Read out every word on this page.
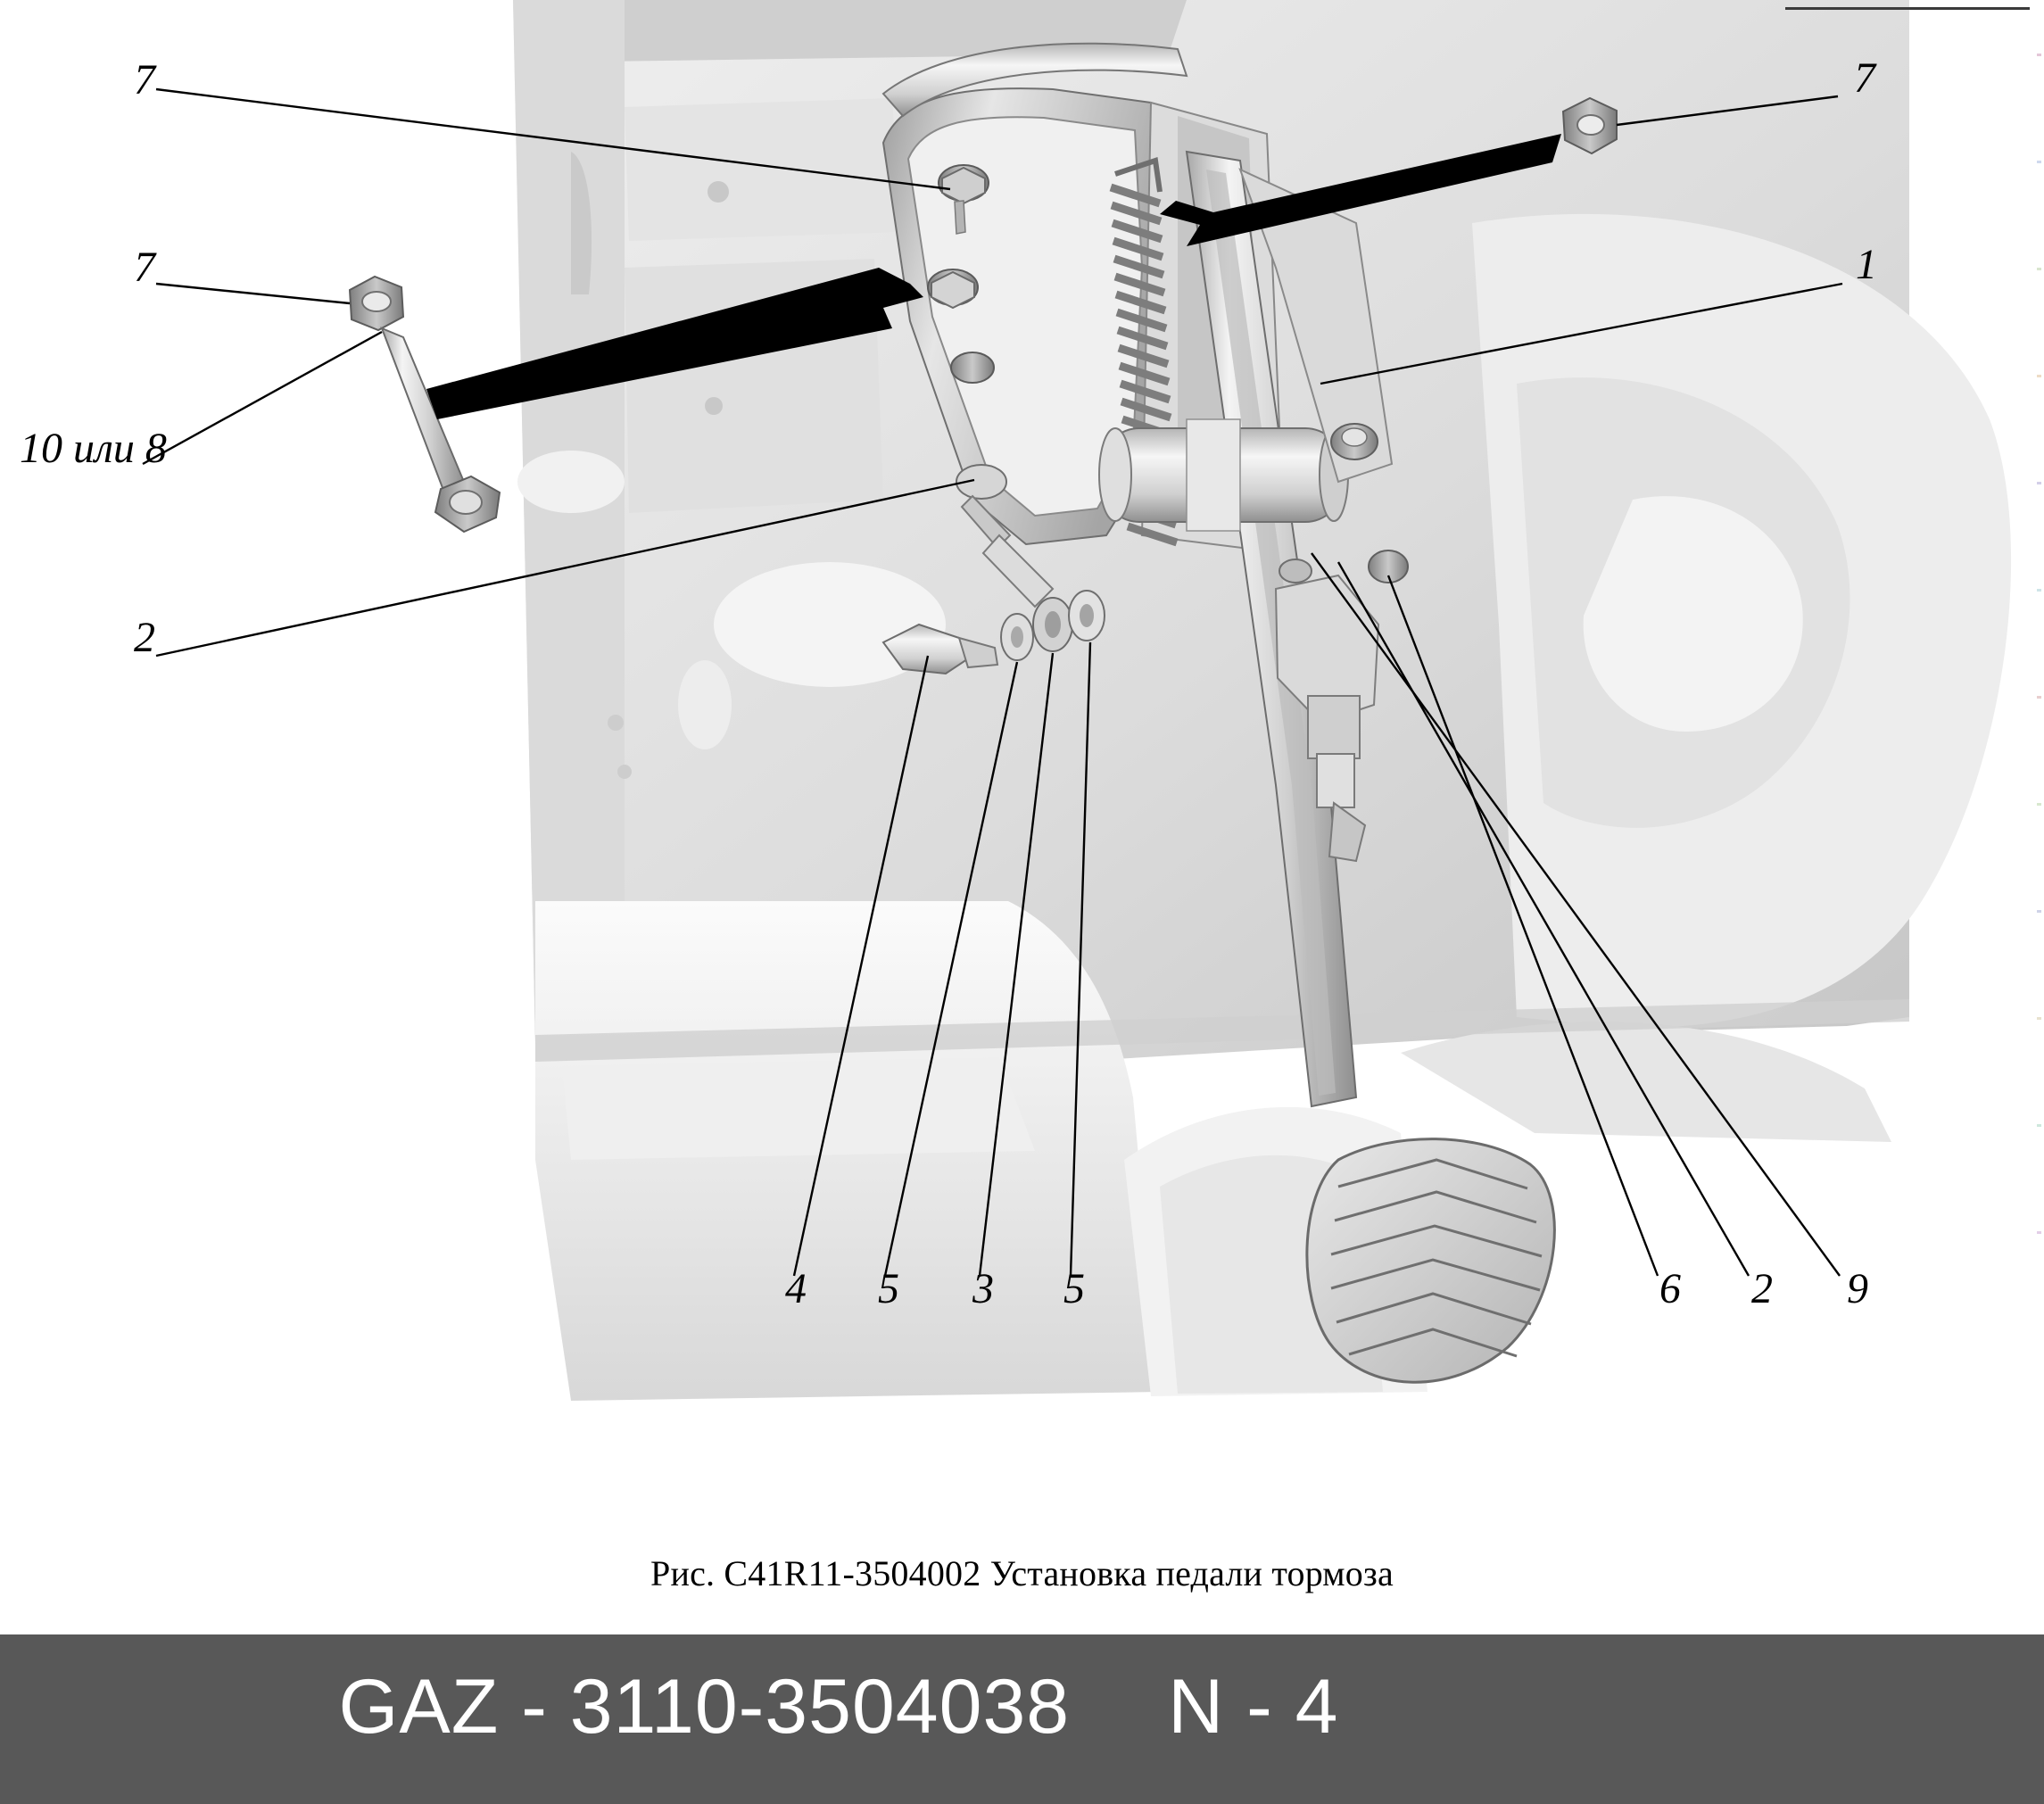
7	7
7	1
10 или 8
2
4 5 3 5	6 2 9
Рис. С41R11-3504002 Установка педали тормоза
GAZ - 3110-3504038 N - 4
